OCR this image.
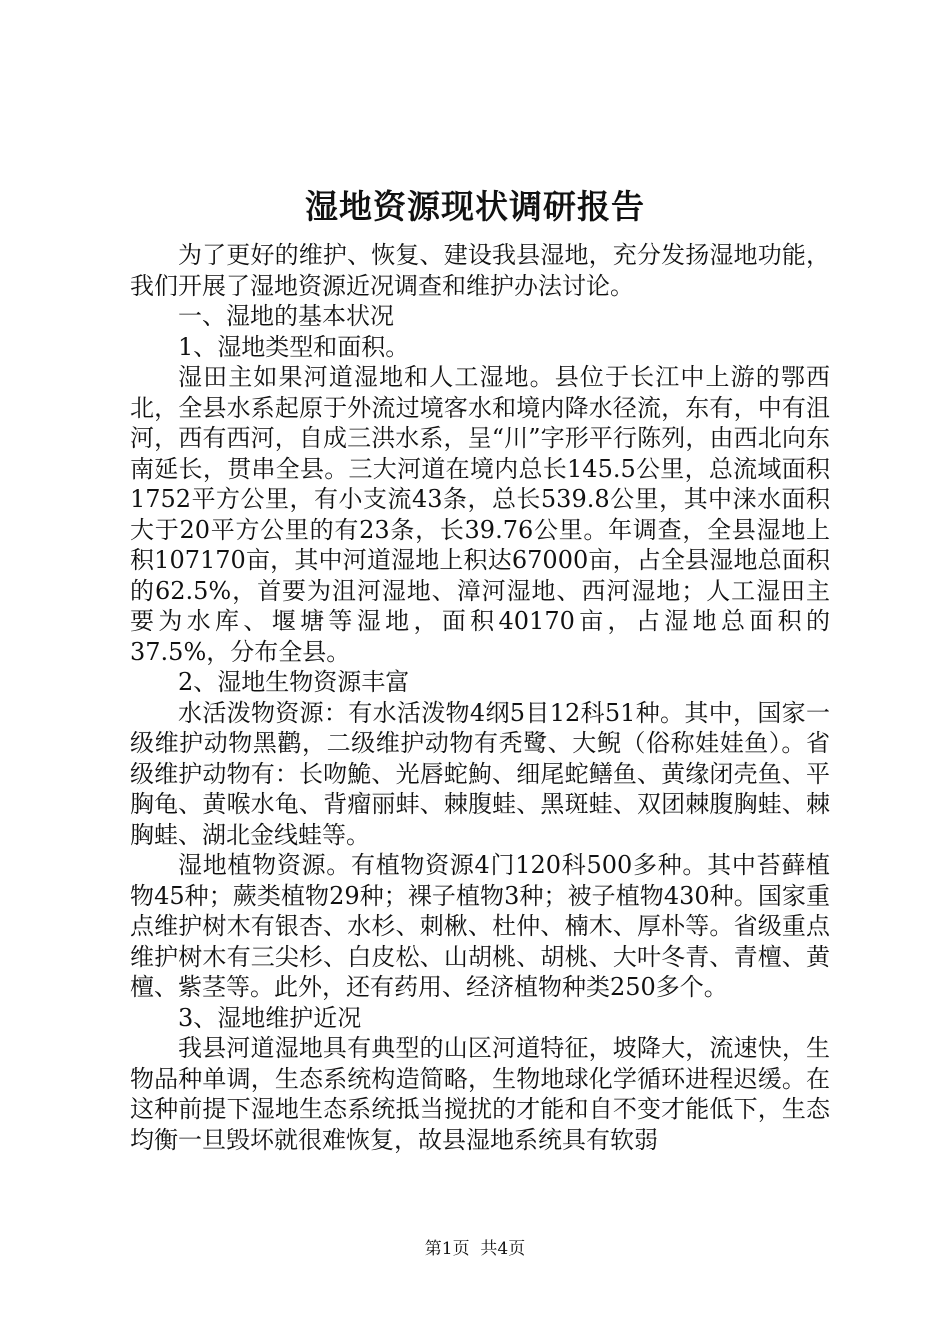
湿地资源现状调研报告

为了更好的维护、恢复、建设我县湿地，充分发扬湿地功能，我们开展了湿地资源近况调查和维护办法讨论。

一、湿地的基本状况

1、湿地类型和面积。

湿田主如果河道湿地和人工湿地。县位于长江中上游的鄂西北，全县水系起原于外流过境客水和境内降水径流，东有，中有沮河，西有西河，自成三洪水系，呈“川”字形平行陈列，由西北向东南延长，贯串全县。三大河道在境内总长145.5公里，总流域面积1752平方公里，有小支流43条，总长539.8公里，其中涞水面积大于20平方公里的有23条，长39.76公里。年调查，全县湿地上积107170亩，其中河道湿地上积达67000亩，占全县湿地总面积的62.5%，首要为沮河湿地、漳河湿地、西河湿地；人工湿田主要为水库、堰塘等湿地，面积40170亩，占湿地总面积的37.5%，分布全县。

2、湿地生物资源丰富

水活泼物资源：有水活泼物4纲5目12科51种。其中，国家一级维护动物黑鹳，二级维护动物有秃鹭、大鲵（俗称娃娃鱼）。省级维护动物有：长吻鮠、光唇蛇鮈、细尾蛇鳝鱼、黄缘闭壳鱼、平胸龟、黄喉水龟、背瘤丽蚌、棘腹蛙、黑斑蛙、双团棘腹胸蛙、棘胸蛙、湖北金线蛙等。

湿地植物资源。有植物资源4门120科500多种。其中苔藓植物45种；蕨类植物29种；裸子植物3种；被子植物430种。国家重点维护树木有银杏、水杉、刺楸、杜仲、楠木、厚朴等。省级重点维护树木有三尖杉、白皮松、山胡桃、胡桃、大叶冬青、青檀、黄檀、紫茎等。此外，还有药用、经济植物种类250多个。

3、湿地维护近况

我县河道湿地具有典型的山区河道特征，坡降大，流速快，生物品种单调，生态系统构造简略，生物地球化学循环进程迟缓。在这种前提下湿地生态系统抵当搅扰的才能和自不变才能低下，生态均衡一旦毁坏就很难恢复，故县湿地系统具有软弱

第1页 共4页
